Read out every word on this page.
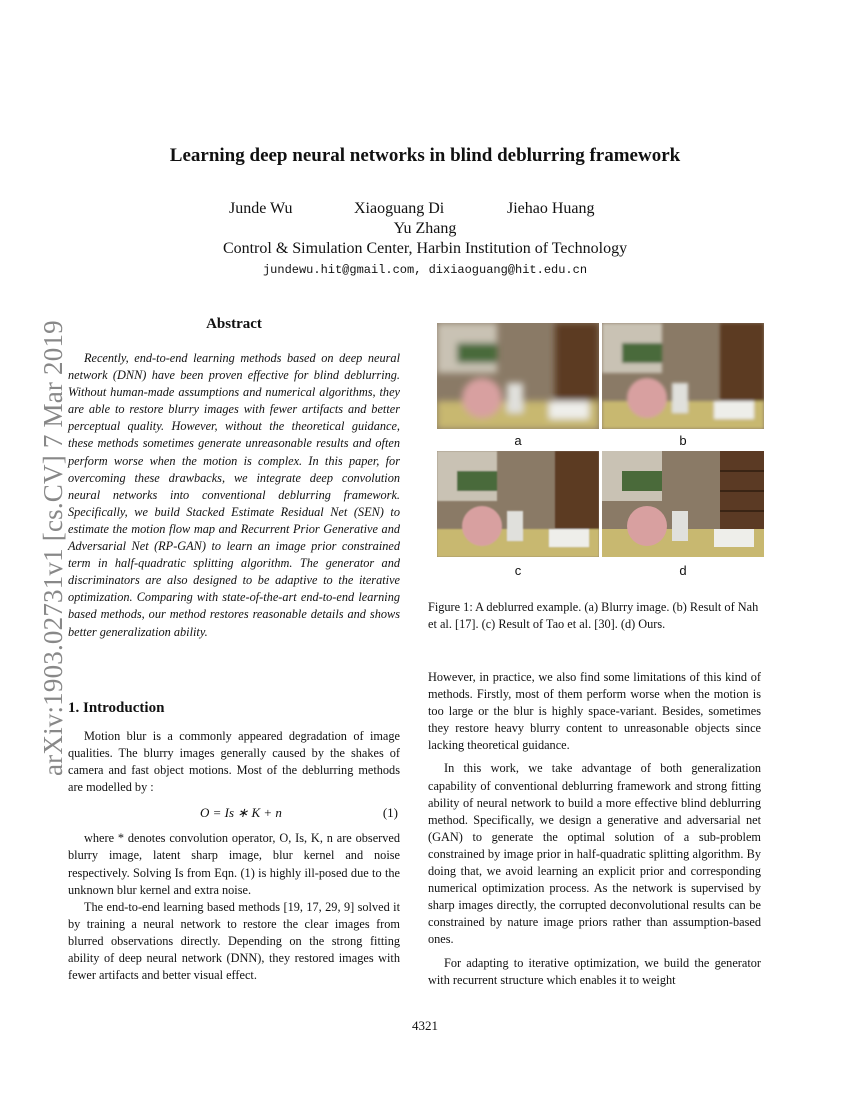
arXiv:1903.02731v1 [cs.CV] 7 Mar 2019
Learning deep neural networks in blind deblurring framework
Junde Wu	Xiaoguang Di	Jiehao Huang
Yu Zhang
Control & Simulation Center, Harbin Institution of Technology
jundewu.hit@gmail.com, dixiaoguang@hit.edu.cn
Abstract

Recently, end-to-end learning methods based on deep neural network (DNN) have been proven effective for blind deblurring. Without human-made assumptions and numerical algorithms, they are able to restore blurry images with fewer artifacts and better perceptual quality. However, without the theoretical guidance, these methods sometimes generate unreasonable results and often perform worse when the motion is complex. In this paper, for overcoming these drawbacks, we integrate deep convolution neural networks into conventional deblurring framework. Specifically, we build Stacked Estimate Residual Net (SEN) to estimate the motion flow map and Recurrent Prior Generative and Adversarial Net (RP-GAN) to learn an image prior constrained term in half-quadratic splitting algorithm. The generator and discriminators are also designed to be adaptive to the iterative optimization. Comparing with state-of-the-art end-to-end learning based methods, our method restores reasonable details and shows better generalization ability.

1. Introduction

Motion blur is a commonly appeared degradation of image qualities. The blurry images generally caused by the shakes of camera and fast object motions. Most of the deblurring methods are modelled by :

O = Is ∗ K + n	(1)

where * denotes convolution operator, O, Is, K, n are observed blurry image, latent sharp image, blur kernel and noise respectively. Solving Is from Eqn. (1) is highly ill-posed due to the unknown blur kernel and extra noise.

The end-to-end learning based methods [19, 17, 29, 9] solved it by training a neural network to restore the clear images from blurred observations directly. Depending on the strong fitting ability of deep neural network (DNN), they restored images with fewer artifacts and better visual effect.

a	b
c	d

Figure 1: A deblurred example. (a) Blurry image. (b) Result of Nah et al. [17]. (c) Result of Tao et al. [30]. (d) Ours.

However, in practice, we also find some limitations of this kind of methods. Firstly, most of them perform worse when the motion is too large or the blur is highly space-variant. Besides, sometimes they restore heavy blurry content to unreasonable objects since lacking theoretical guidance.

In this work, we take advantage of both generalization capability of conventional deblurring framework and strong fitting ability of neural network to build a more effective blind deblurring method. Specifically, we design a generative and adversarial net (GAN) to generate the optimal solution of a sub-problem constrained by image prior in half-quadratic splitting algorithm. By doing that, we avoid learning an explicit prior and corresponding numerical optimization process. As the network is supervised by sharp images directly, the corrupted deconvolutional results can be constrained by nature image priors rather than assumption-based ones.

For adapting to iterative optimization, we build the generator with recurrent structure which enables it to weight

4321
